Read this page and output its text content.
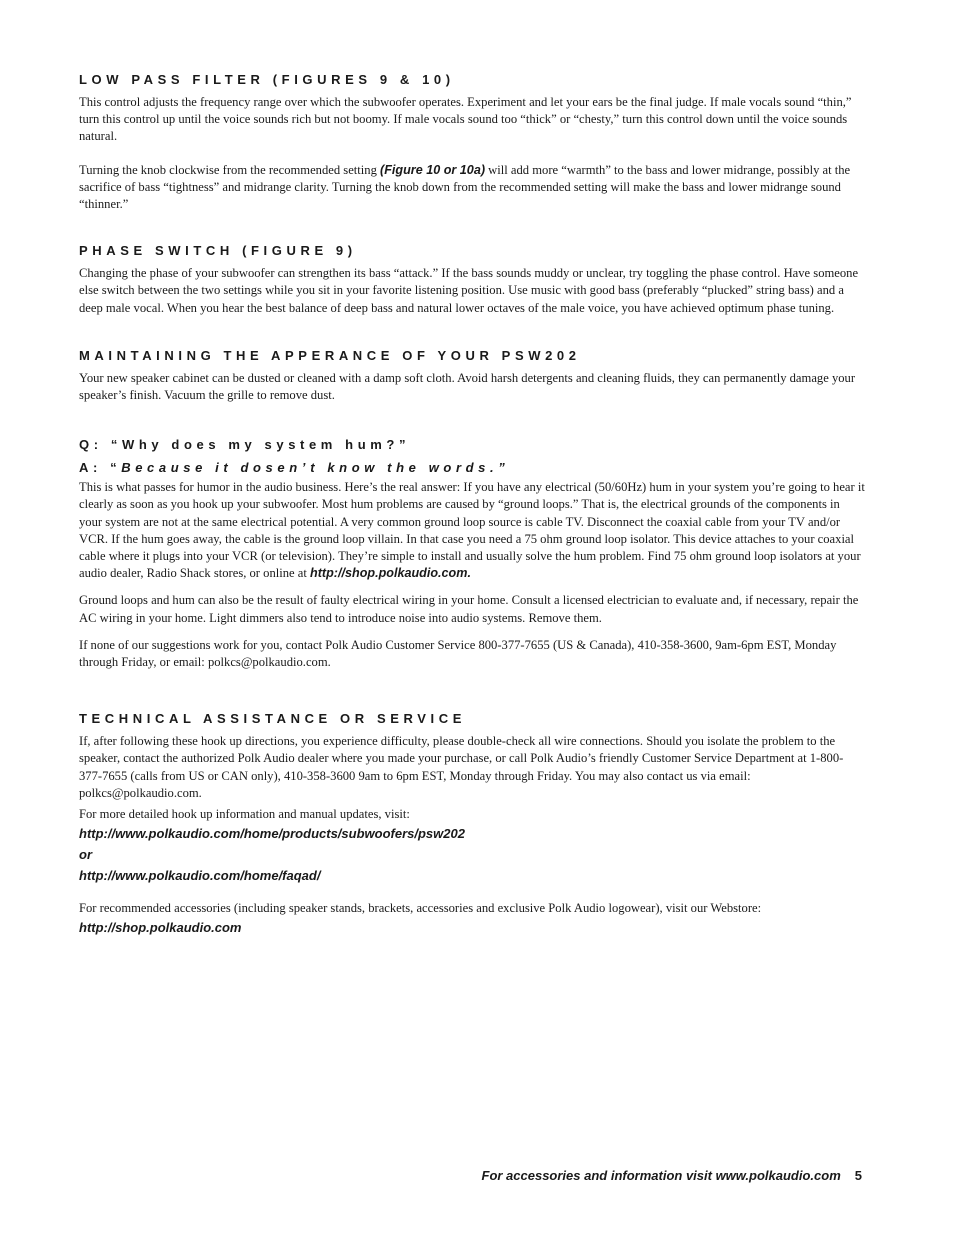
LOW PASS FILTER (FIGURES 9 & 10)

This control adjusts the frequency range over which the subwoofer operates. Experiment and let your ears be the final judge. If male vocals sound “thin,” turn this control up until the voice sounds rich but not boomy. If male vocals sound too “thick” or “chesty,” turn this control down until the voice sounds natural.

Turning the knob clockwise from the recommended setting (Figure 10 or 10a) will add more “warmth” to the bass and lower midrange, possibly at the sacrifice of bass “tightness” and midrange clarity. Turning the knob down from the recommended setting will make the bass and lower midrange sound “thinner.”

PHASE SWITCH (FIGURE 9)

Changing the phase of your subwoofer can strengthen its bass “attack.” If the bass sounds muddy or unclear, try toggling the phase control. Have someone else switch between the two settings while you sit in your favorite listening position. Use music with good bass (preferably “plucked” string bass) and a deep male vocal. When you hear the best balance of deep bass and natural lower octaves of the male voice, you have achieved optimum phase tuning.

MAINTAINING THE APPERANCE OF YOUR PSW202

Your new speaker cabinet can be dusted or cleaned with a damp soft cloth. Avoid harsh detergents and cleaning fluids, they can permanently damage your speaker’s finish. Vacuum the grille to remove dust.

Q: “Why does my system hum?”
A: “Because it dosen’t know the words.”

This is what passes for humor in the audio business. Here’s the real answer: If you have any electrical (50/60Hz) hum in your system you’re going to hear it clearly as soon as you hook up your subwoofer. Most hum problems are caused by “ground loops.” That is, the electrical grounds of the components in your system are not at the same electrical potential. A very common ground loop source is cable TV. Disconnect the coaxial cable from your TV and/or VCR. If the hum goes away, the cable is the ground loop villain. In that case you need a 75 ohm ground loop isolator. This device attaches to your coaxial cable where it plugs into your VCR (or television). They’re simple to install and usually solve the hum problem. Find 75 ohm ground loop isolators at your audio dealer, Radio Shack stores, or online at http://shop.polkaudio.com.

Ground loops and hum can also be the result of faulty electrical wiring in your home. Consult a licensed electrician to evaluate and, if necessary, repair the AC wiring in your home. Light dimmers also tend to introduce noise into audio systems. Remove them.

If none of our suggestions work for you, contact Polk Audio Customer Service 800-377-7655 (US & Canada), 410-358-3600, 9am-6pm EST, Monday through Friday, or email: polkcs@polkaudio.com.

TECHNICAL ASSISTANCE OR SERVICE

If, after following these hook up directions, you experience difficulty, please double-check all wire connections. Should you isolate the problem to the speaker, contact the authorized Polk Audio dealer where you made your purchase, or call Polk Audio’s friendly Customer Service Department at 1-800-377-7655 (calls from US or CAN only), 410-358-3600 9am to 6pm EST, Monday through Friday. You may also contact us via email: polkcs@polkaudio.com.

For more detailed hook up information and manual updates, visit:

http://www.polkaudio.com/home/products/subwoofers/psw202

or

http://www.polkaudio.com/home/faqad/

For recommended accessories (including speaker stands, brackets, accessories and exclusive Polk Audio logowear), visit our Webstore:

http://shop.polkaudio.com

For accessories and information visit www.polkaudio.com 5
